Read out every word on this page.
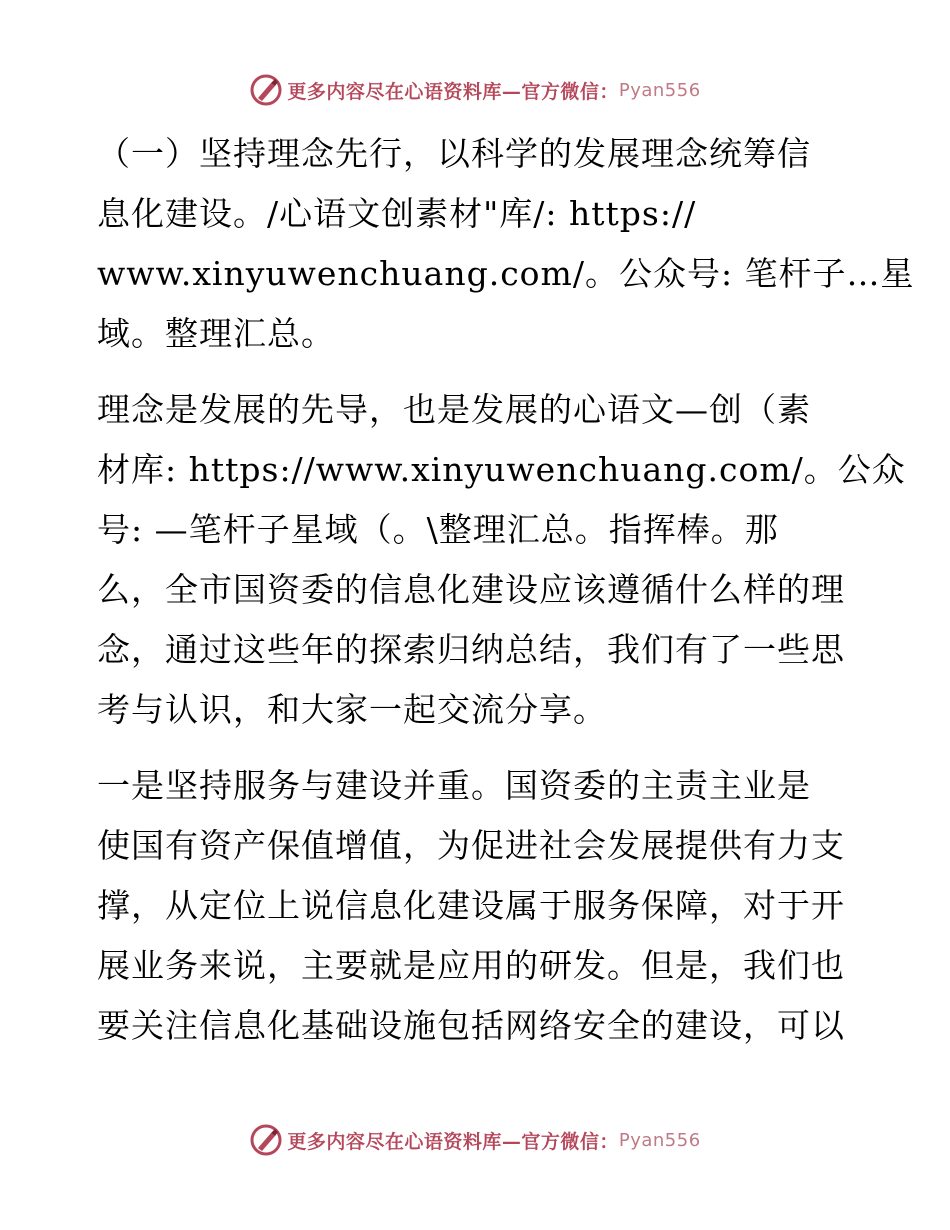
更多内容尽在心语资料库—官方微信： Pyan556
（一）坚持理念先行，以科学的发展理念统筹信
息化建设。/心语文创素材"库/: https://
www.xinyuwenchuang.com/。公众号: 笔杆子…星
域。整理汇总。
理念是发展的先导，也是发展的心语文—创（素
材库: https://www.xinyuwenchuang.com/。公众
号: —笔杆子星域（。\整理汇总。指挥棒。那
么，全市国资委的信息化建设应该遵循什么样的理
念，通过这些年的探索归纳总结，我们有了一些思
考与认识，和大家一起交流分享。
一是坚持服务与建设并重。国资委的主责主业是
使国有资产保值增值，为促进社会发展提供有力支
撑，从定位上说信息化建设属于服务保障，对于开
展业务来说，主要就是应用的研发。但是，我们也
要关注信息化基础设施包括网络安全的建设，可以
更多内容尽在心语资料库—官方微信： Pyan556
